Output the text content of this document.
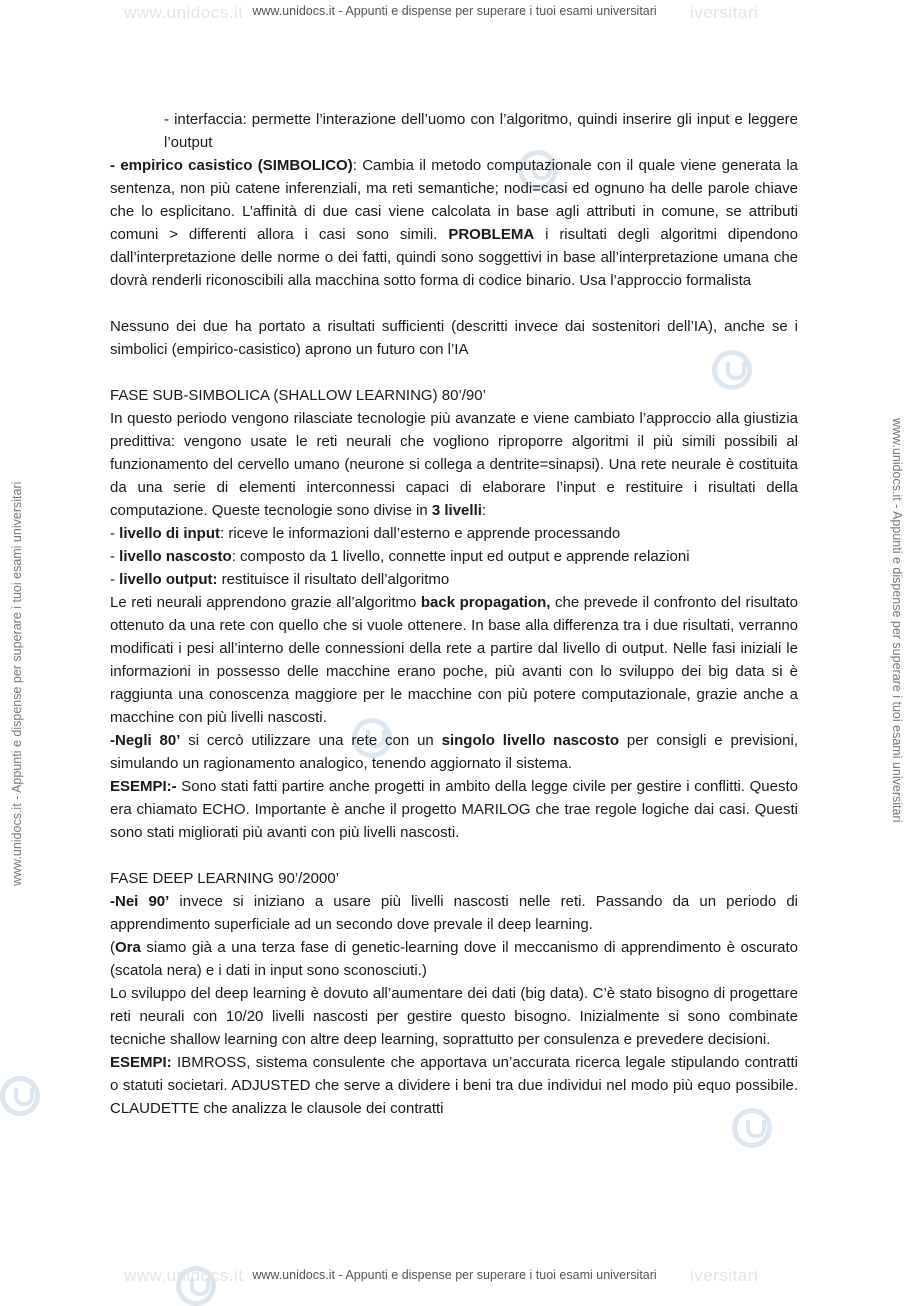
www.unidocs.it	iversitari
www.unidocs.it - Appunti e dispense per superare i tuoi esami universitari
www.unidocs.it	iversitari
www.unidocs.it - Appunti e dispense per superare i tuoi esami universitari
www.unidocs.it - Appunti e dispense per superare i tuoi esami universitari	www.unidocs.it - Appunti e dispense per superare i tuoi esami universitari

- interfaccia: permette l’interazione dell’uomo con l’algoritmo, quindi inserire gli input e leggere l’output

- empirico casistico (SIMBOLICO): Cambia il metodo computazionale con il quale viene generata la sentenza, non più catene inferenziali, ma reti semantiche; nodi=casi ed ognuno ha delle parole chiave che lo esplicitano. L’affinità di due casi viene calcolata in base agli attributi in comune, se attributi comuni > differenti allora i casi sono simili. PROBLEMA i risultati degli algoritmi dipendono dall’interpretazione delle norme o dei fatti, quindi sono soggettivi in base all’interpretazione umana che dovrà renderli riconoscibili alla macchina sotto forma di codice binario. Usa l’approccio formalista

Nessuno dei due ha portato a risultati sufficienti (descritti invece dai sostenitori dell’IA), anche se i simbolici (empirico-casistico) aprono un futuro con l’IA

FASE SUB-SIMBOLICA (SHALLOW LEARNING) 80’/90’

In questo periodo vengono rilasciate tecnologie più avanzate e viene cambiato l’approccio alla giustizia predittiva: vengono usate le reti neurali che vogliono riproporre algoritmi il più simili possibili al funzionamento del cervello umano (neurone si collega a dentrite=sinapsi). Una rete neurale è costituita da una serie di elementi interconnessi capaci di elaborare l’input e restituire i risultati della computazione. Queste tecnologie sono divise in 3 livelli:

- livello di input: riceve le informazioni dall’esterno e apprende processando

- livello nascosto: composto da 1 livello, connette input ed output e apprende relazioni

- livello output: restituisce il risultato dell’algoritmo

Le reti neurali apprendono grazie all’algoritmo back propagation, che prevede il confronto del risultato ottenuto da una rete con quello che si vuole ottenere. In base alla differenza tra i due risultati, verranno modificati i pesi all’interno delle connessioni della rete a partire dal livello di output. Nelle fasi iniziali le informazioni in possesso delle macchine erano poche, più avanti con lo sviluppo dei big data si è raggiunta una conoscenza maggiore per le macchine con più potere computazionale, grazie anche a macchine con più livelli nascosti.

-Negli 80’ si cercò utilizzare una rete con un singolo livello nascosto per consigli e previsioni, simulando un ragionamento analogico, tenendo aggiornato il sistema.

ESEMPI:- Sono stati fatti partire anche progetti in ambito della legge civile per gestire i conflitti. Questo era chiamato ECHO. Importante è anche il progetto MARILOG che trae regole logiche dai casi. Questi sono stati migliorati più avanti con più livelli nascosti.

FASE DEEP LEARNING 90’/2000’

-Nei 90’ invece si iniziano a usare più livelli nascosti nelle reti. Passando da un periodo di apprendimento superficiale ad un secondo dove prevale il deep learning.

(Ora siamo già a una terza fase di genetic-learning dove il meccanismo di apprendimento è oscurato (scatola nera) e i dati in input sono sconosciuti.)

Lo sviluppo del deep learning è dovuto all’aumentare dei dati (big data). C’è stato bisogno di progettare reti neurali con 10/20 livelli nascosti per gestire questo bisogno. Inizialmente si sono combinate tecniche shallow learning con altre deep learning, soprattutto per consulenza e prevedere decisioni.

ESEMPI: IBMROSS, sistema consulente che apportava un’accurata ricerca legale stipulando contratti o statuti societari. ADJUSTED che serve a dividere i beni tra due individui nel modo più equo possibile. CLAUDETTE che analizza le clausole dei contratti
